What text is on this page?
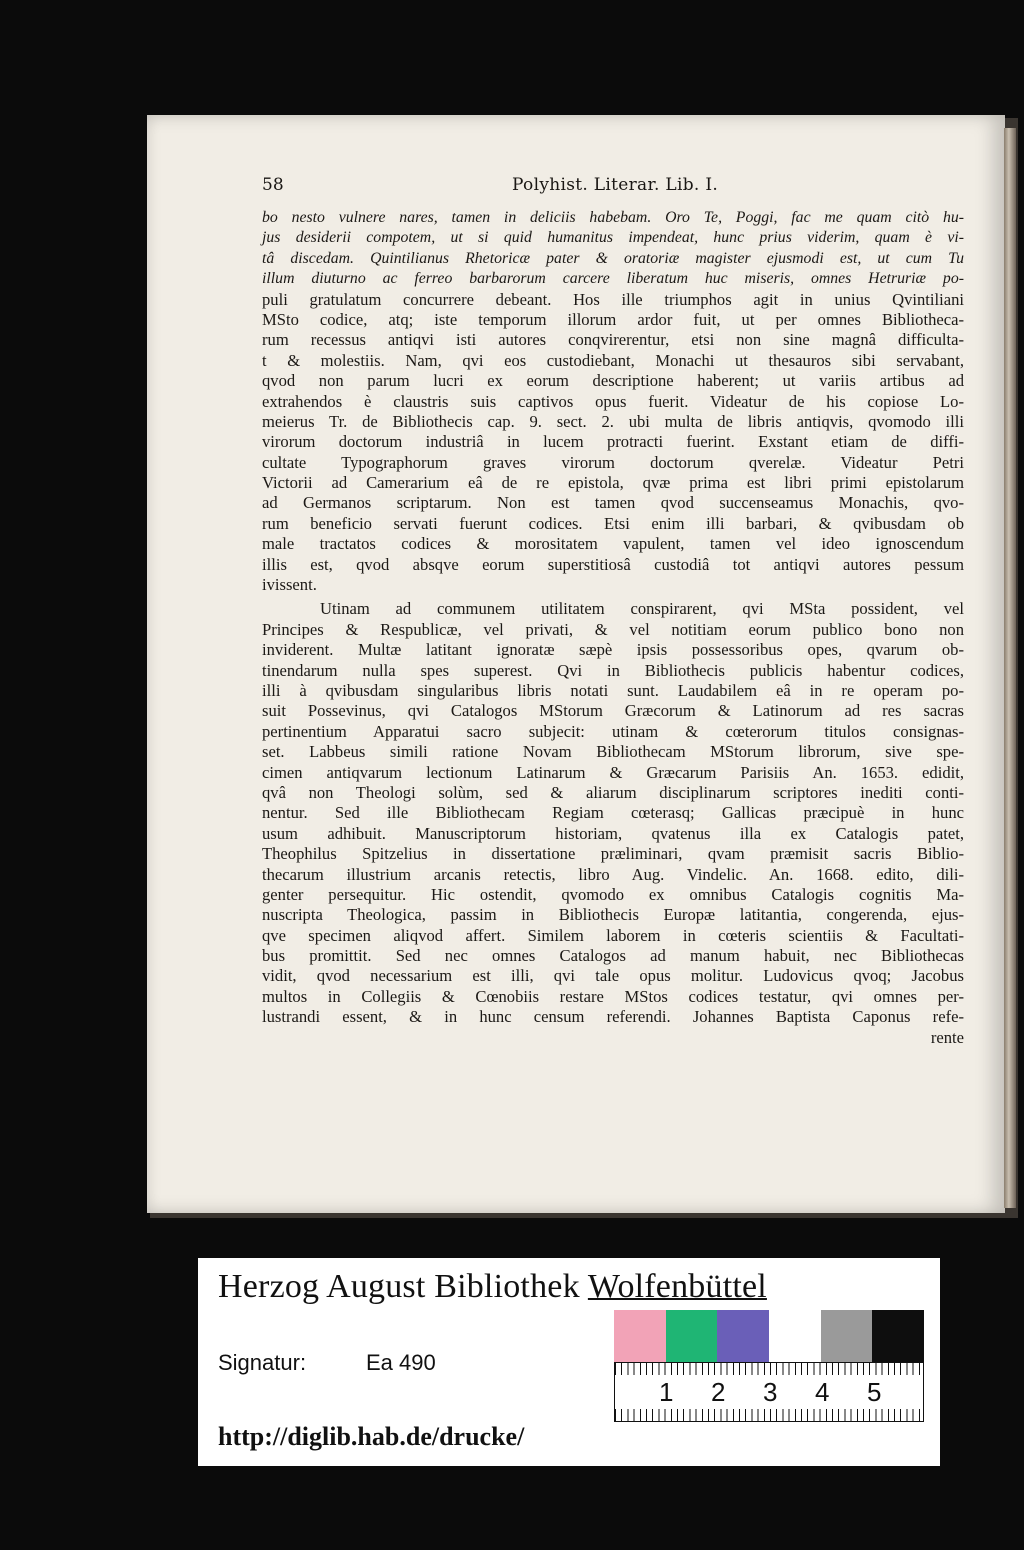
58	Polyhist. Literar. Lib. I.
bo nesto vulnere nares, tamen in deliciis habebam. Oro Te, Poggi, fac me quam citò hu-
jus desiderii compotem, ut si quid humanitus impendeat, hunc prius viderim, quam è vi-
tâ discedam. Quintilianus Rhetoricæ pater & oratoriæ magister ejusmodi est, ut cum Tu
illum diuturno ac ferreo barbarorum carcere liberatum huc miseris, omnes Hetruriæ po-
puli gratulatum concurrere debeant. Hos ille triumphos agit in unius Qvintiliani
MSto codice, atq; iste temporum illorum ardor fuit, ut per omnes Bibliotheca-
rum recessus antiqvi isti autores conqvirerentur, etsi non sine magnâ difficulta-
t & molestiis. Nam, qvi eos custodiebant, Monachi ut thesauros sibi servabant,
qvod non parum lucri ex eorum descriptione haberent; ut variis artibus ad
extrahendos è claustris suis captivos opus fuerit. Videatur de his copiose Lo-
meierus Tr. de Bibliothecis cap. 9. sect. 2. ubi multa de libris antiqvis, qvomodo illi
virorum doctorum industriâ in lucem protracti fuerint. Exstant etiam de diffi-
cultate Typographorum graves virorum doctorum qverelæ. Videatur Petri
Victorii ad Camerarium eâ de re epistola, qvæ prima est libri primi epistolarum
ad Germanos scriptarum. Non est tamen qvod succenseamus Monachis, qvo-
rum beneficio servati fuerunt codices. Etsi enim illi barbari, & qvibusdam ob
male tractatos codices & morositatem vapulent, tamen vel ideo ignoscendum
illis est, qvod absqve eorum superstitiosâ custodiâ tot antiqvi autores pessum
ivissent.
Utinam ad communem utilitatem conspirarent, qvi MSta possident, vel
Principes & Respublicæ, vel privati, & vel notitiam eorum publico bono non
inviderent. Multæ latitant ignoratæ sæpè ipsis possessoribus opes, qvarum ob-
tinendarum nulla spes superest. Qvi in Bibliothecis publicis habentur codices,
illi à qvibusdam singularibus libris notati sunt. Laudabilem eâ in re operam po-
suit Possevinus, qvi Catalogos MStorum Græcorum & Latinorum ad res sacras
pertinentium Apparatui sacro subjecit: utinam & cœterorum titulos consignas-
set. Labbeus simili ratione Novam Bibliothecam MStorum librorum, sive spe-
cimen antiqvarum lectionum Latinarum & Græcarum Parisiis An. 1653. edidit,
qvâ non Theologi solùm, sed & aliarum disciplinarum scriptores inediti conti-
nentur. Sed ille Bibliothecam Regiam cœterasq; Gallicas præcipuè in hunc
usum adhibuit. Manuscriptorum historiam, qvatenus illa ex Catalogis patet,
Theophilus Spitzelius in dissertatione præliminari, qvam præmisit sacris Biblio-
thecarum illustrium arcanis retectis, libro Aug. Vindelic. An. 1668. edito, dili-
genter persequitur. Hic ostendit, qvomodo ex omnibus Catalogis cognitis Ma-
nuscripta Theologica, passim in Bibliothecis Europæ latitantia, congerenda, ejus-
qve specimen aliqvod affert. Similem laborem in cœteris scientiis & Facultati-
bus promittit. Sed nec omnes Catalogos ad manum habuit, nec Bibliothecas
vidit, qvod necessarium est illi, qvi tale opus molitur. Ludovicus qvoq; Jacobus
multos in Collegiis & Cœnobiis restare MStos codices testatur, qvi omnes per-
lustrandi essent, & in hunc censum referendi. Johannes Baptista Caponus refe-
rente
Herzog August Bibliothek Wolfenbüttel
Signatur:	Ea 490
http://diglib.hab.de/drucke/
1 2 3 4 5
